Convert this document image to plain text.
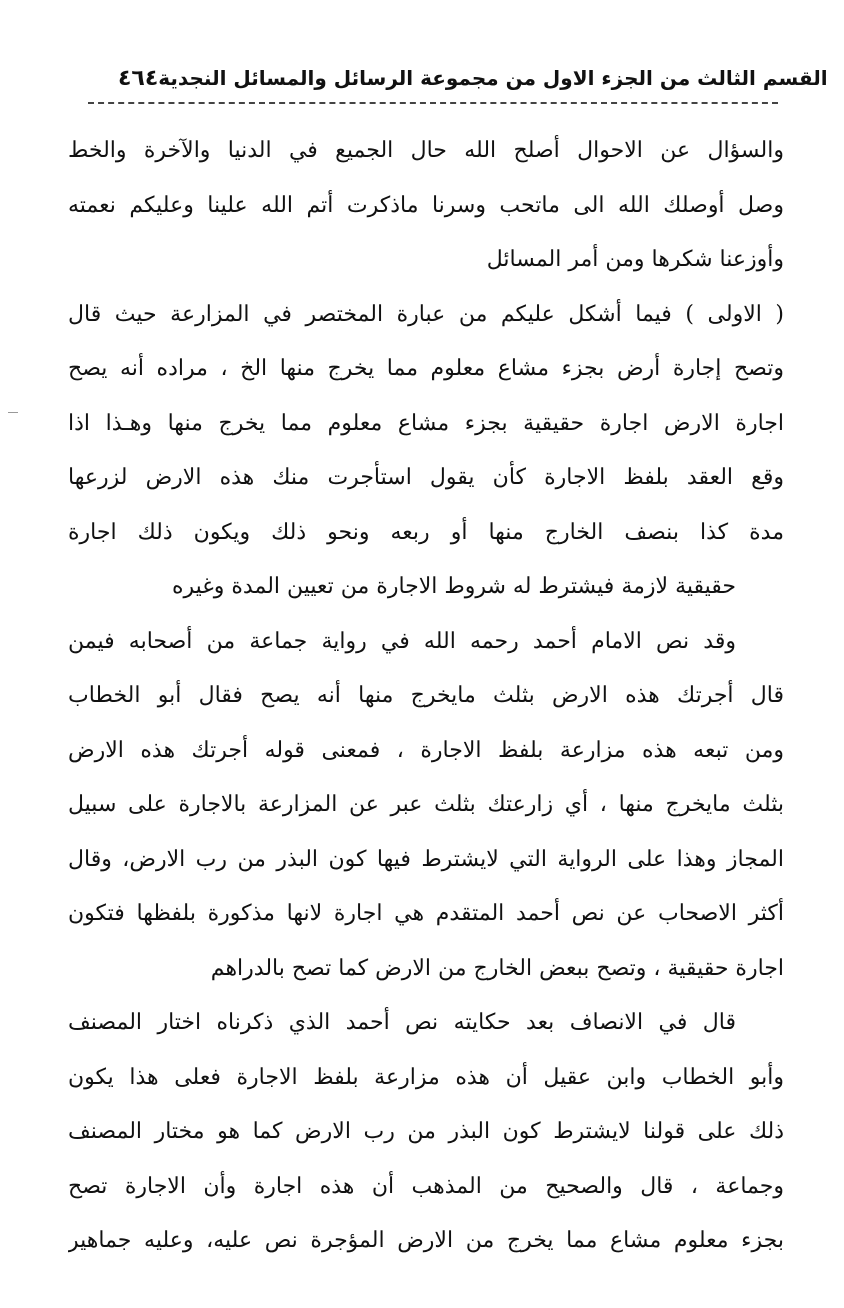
٤٦٤ القسم الثالث من الجزء الاول من مجموعة الرسائل والمسائل النجدية
والسؤال عن الاحوال أصلح الله حال الجميع في الدنيا والآخرة والخط
وصل أوصلك الله الى ماتحب وسرنا ماذكرت أتم الله علينا وعليكم نعمته
وأوزعنا شكرها ومن أمر المسائل
( الاولى ) فيما أشكل عليكم من عبارة المختصر في المزارعة حيث قال
وتصح إجارة أرض بجزء مشاع معلوم مما يخرج منها الخ ، مراده أنه يصح
اجارة الارض اجارة حقيقية بجزء مشاع معلوم مما يخرج منها وهـذا اذا
وقع العقد بلفظ الاجارة كأن يقول استأجرت منك هذه الارض لزرعها
مدة كذا بنصف الخارج منها أو ربعه ونحو ذلك ويكون ذلك اجارة
حقيقية لازمة فيشترط له شروط الاجارة من تعيين المدة وغيره
وقد نص الامام أحمد رحمه الله في رواية جماعة من أصحابه فيمن
قال أجرتك هذه الارض بثلث مايخرج منها أنه يصح فقال أبو الخطاب
ومن تبعه هذه مزارعة بلفظ الاجارة ، فمعنى قوله أجرتك هذه الارض
بثلث مايخرج منها ، أي زارعتك بثلث عبر عن المزارعة بالاجارة على سبيل
المجاز وهذا على الرواية التي لايشترط فيها كون البذر من رب الارض، وقال
أكثر الاصحاب عن نص أحمد المتقدم هي اجارة لانها مذكورة بلفظها فتكون
اجارة حقيقية ، وتصح ببعض الخارج من الارض كما تصح بالدراهم
قال في الانصاف بعد حكايته نص أحمد الذي ذكرناه اختار المصنف
وأبو الخطاب وابن عقيل أن هذه مزارعة بلفظ الاجارة فعلى هذا يكون
ذلك على قولنا لايشترط كون البذر من رب الارض كما هو مختار المصنف
وجماعة ، قال والصحيح من المذهب أن هذه اجارة وأن الاجارة تصح
بجزء معلوم مشاع مما يخرج من الارض المؤجرة نص عليه، وعليه جماهير
